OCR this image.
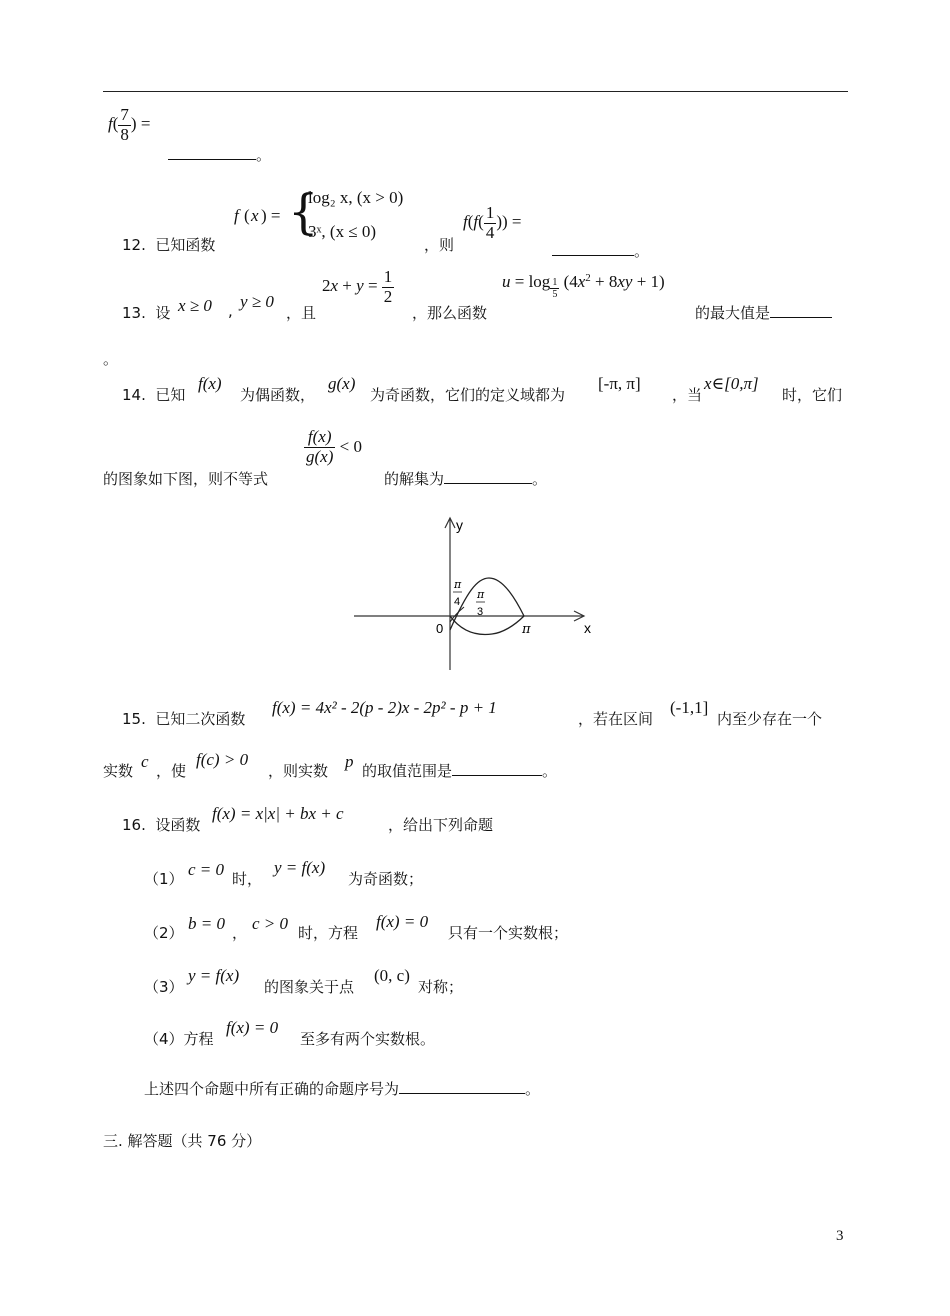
$f( \frac{7}{8}$ ) =
。
12. 已知函数
f ( x ) = {
log₂ x, (x > 0)
3ˣ, (x ≤ 0)
，则
$f(f( \frac{1}{4}$ )) =
。
13. 设 x ≥ 0 , y ≥ 0
，且
$2x + y = \frac{1}{2}$
，那么函数
$u = \log \frac{1}{5} (4x^2 + 8xy + 1)$
的最大值是
。
14. 已知
f(x)
为偶函数，
g(x)
为奇函数，它们的定义域都为
[-π, π]
，当
x∈[0,π]
时，它们
的图象如下图，则不等式
$\frac{f(x)}{g(x)} < 0$
的解集为	。
y
x
0	π
π
4
π
3
15. 已知二次函数
f(x) = 4x² - 2(p - 2)x - 2p² - p + 1
，若在区间
(-1,1]
内至少存在一个
实数 c ，使
f(c) > 0
，则实数 p 的取值范围是	。
16. 设函数
f(x) = x|x| + bx + c
，给出下列命题
（1） c = 0 时，
y = f(x)
为奇函数；
（2） b = 0 ， c > 0 时，方程
f(x) = 0
只有一个实数根；
（3）
y = f(x)
的图象关于点
(0, c)
对称；
（4）方程
f(x) = 0
至多有两个实数根。
上述四个命题中所有正确的命题序号为	。
三. 解答题（共 76 分）
3
